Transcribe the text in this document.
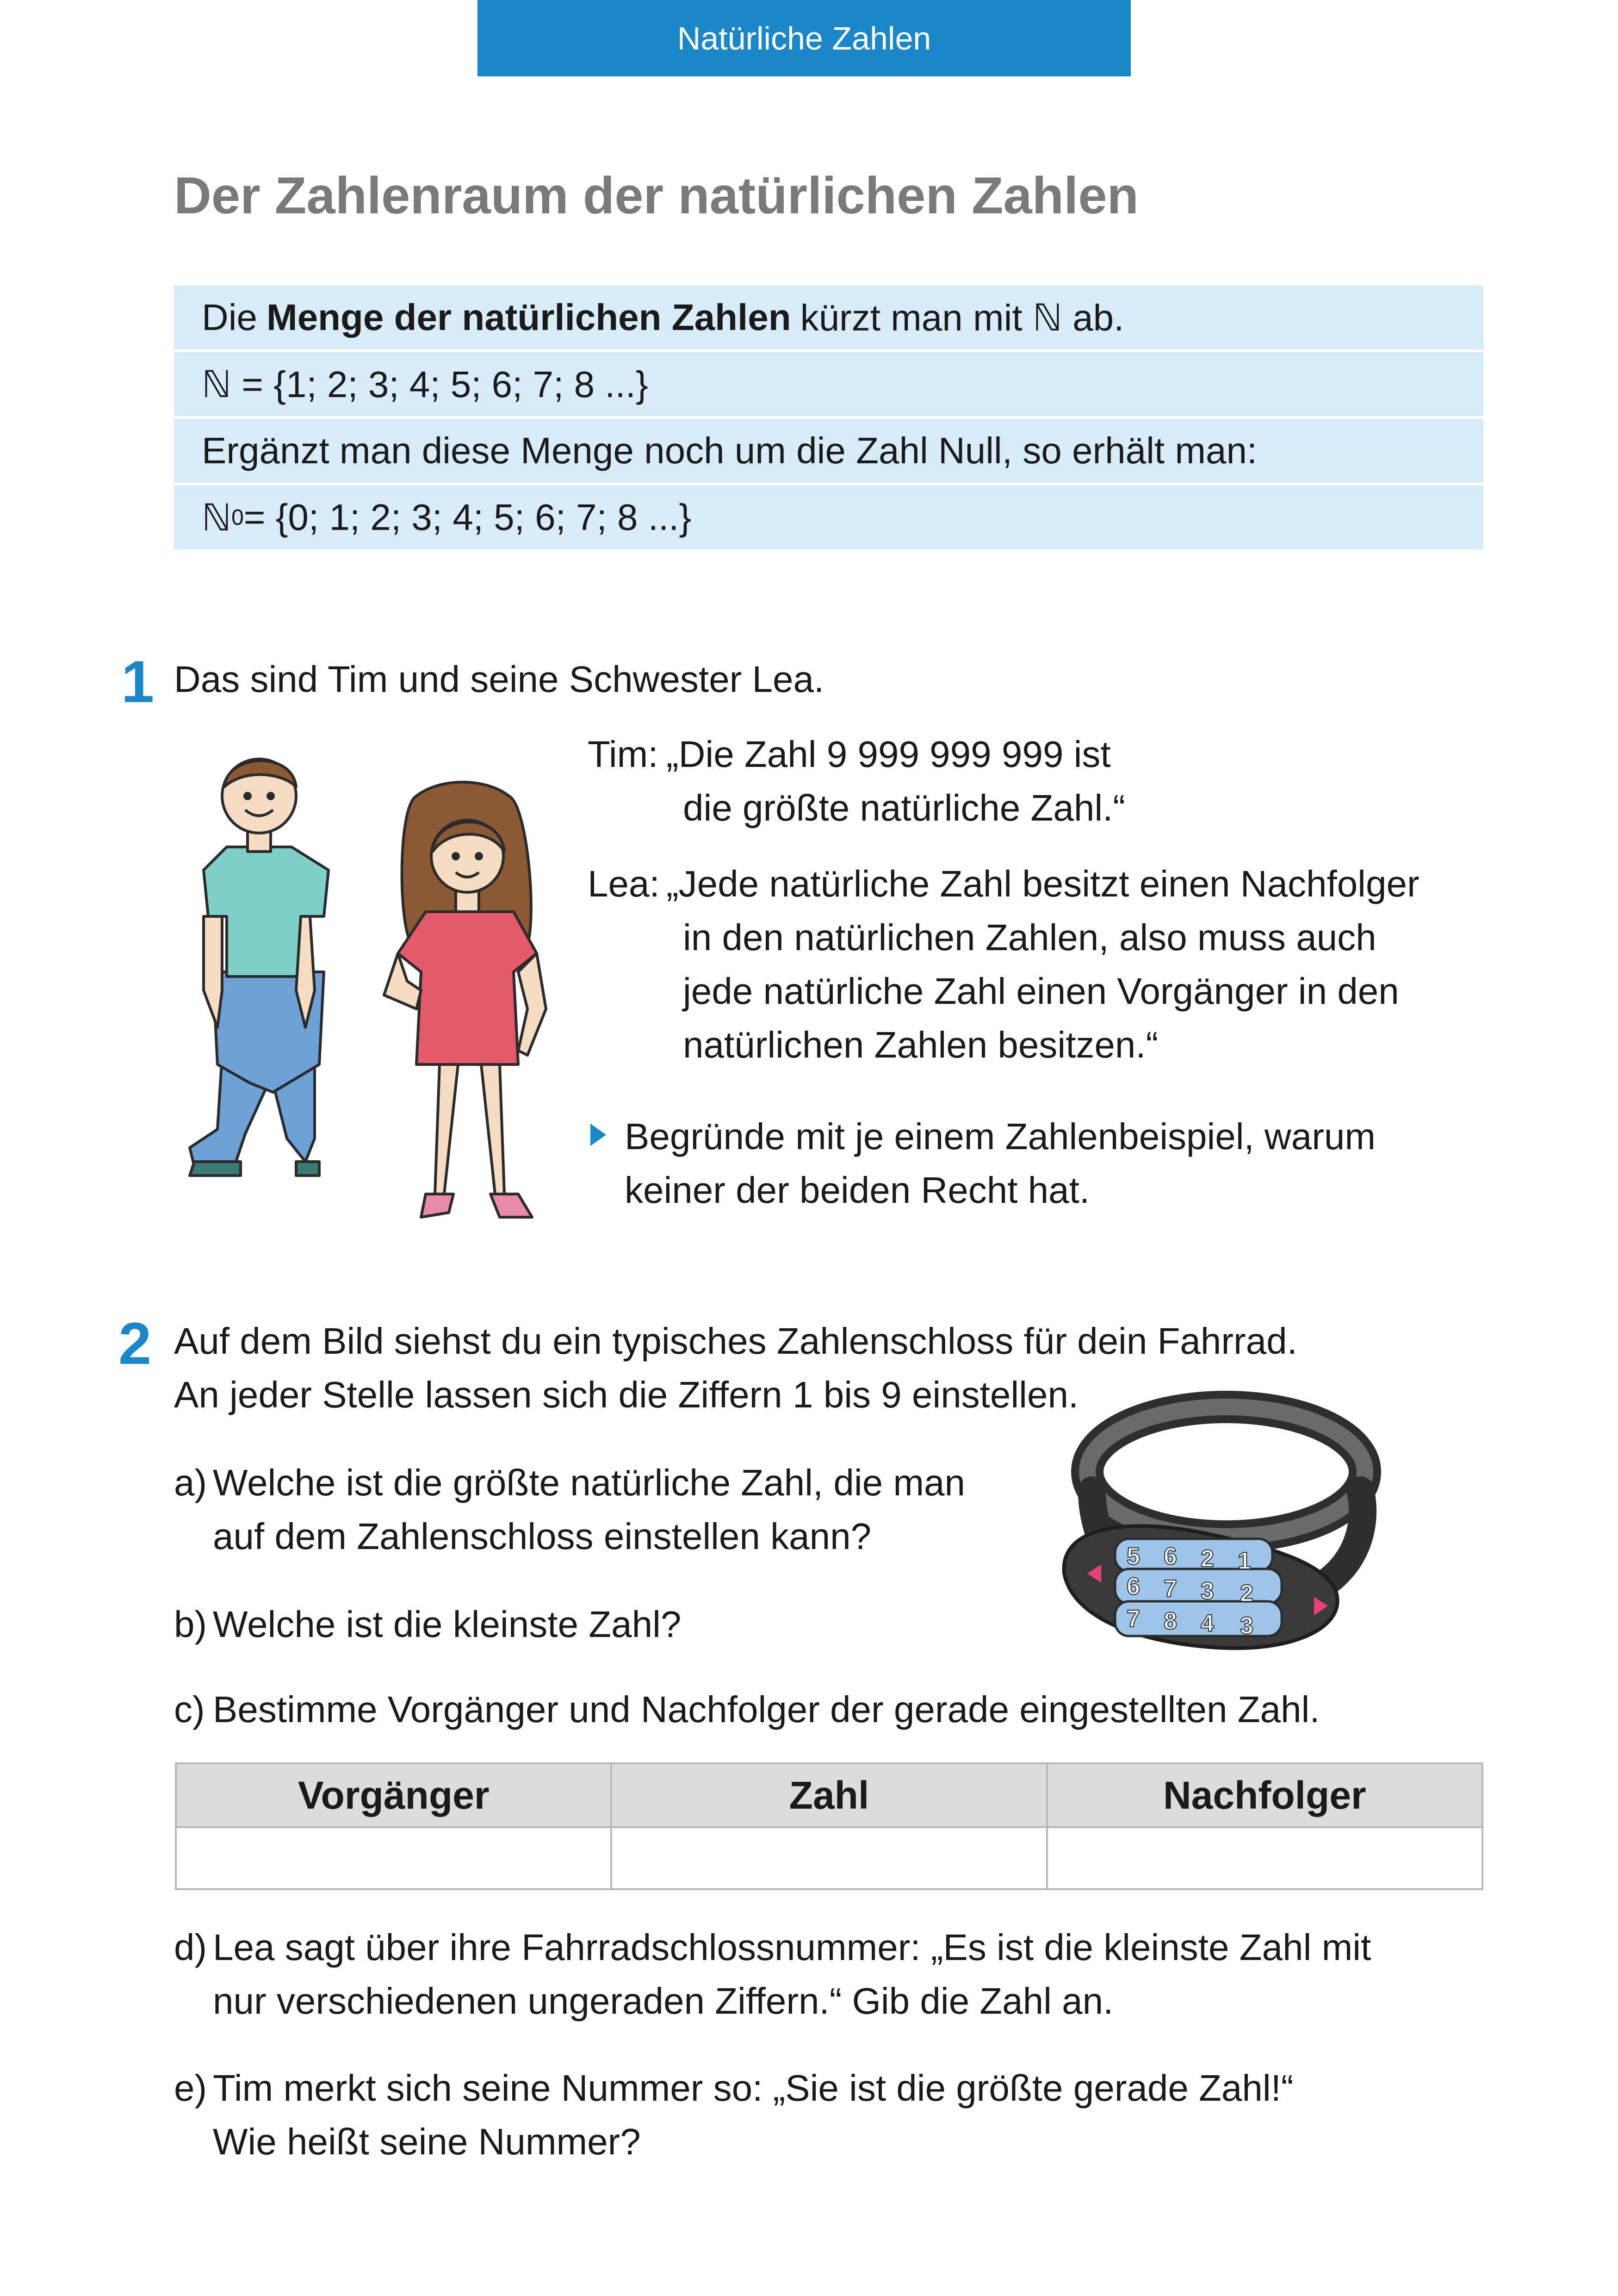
Natürliche Zahlen
Der Zahlenraum der natürlichen Zahlen
Die Menge der natürlichen Zahlen kürzt man mit ℕ ab.
ℕ = {1; 2; 3; 4; 5; 6; 7; 8 ...}
Ergänzt man diese Menge noch um die Zahl Null, so erhält man:
ℕ 0 = {0; 1; 2; 3; 4; 5; 6; 7; 8 ...}
1 Das sind Tim und seine Schwester Lea.
Tim: „Die Zahl 9 999 999 999 ist
die größte natürliche Zahl.“
Lea: „Jede natürliche Zahl besitzt einen Nachfolger
in den natürlichen Zahlen, also muss auch
jede natürliche Zahl einen Vorgänger in den
natürlichen Zahlen besitzen.“
Begründe mit je einem Zahlenbeispiel, warum
keiner der beiden Recht hat.
2 Auf dem Bild siehst du ein typisches Zahlenschloss für dein Fahrrad.
An jeder Stelle lassen sich die Ziffern 1 bis 9 einstellen.
a) Welche ist die größte natürliche Zahl, die man
auf dem Zahlenschloss einstellen kann?
b) Welche ist die kleinste Zahl?
5 6 2 1
6 7 3 2
7 8 4 3
c) Bestimme Vorgänger und Nachfolger der gerade eingestellten Zahl.
Vorgänger	Zahl	Nachfolger

d) Lea sagt über ihre Fahrradschlossnummer: „Es ist die kleinste Zahl mit
nur verschiedenen ungeraden Ziffern.“ Gib die Zahl an.
e) Tim merkt sich seine Nummer so: „Sie ist die größte gerade Zahl!“
Wie heißt seine Nummer?
